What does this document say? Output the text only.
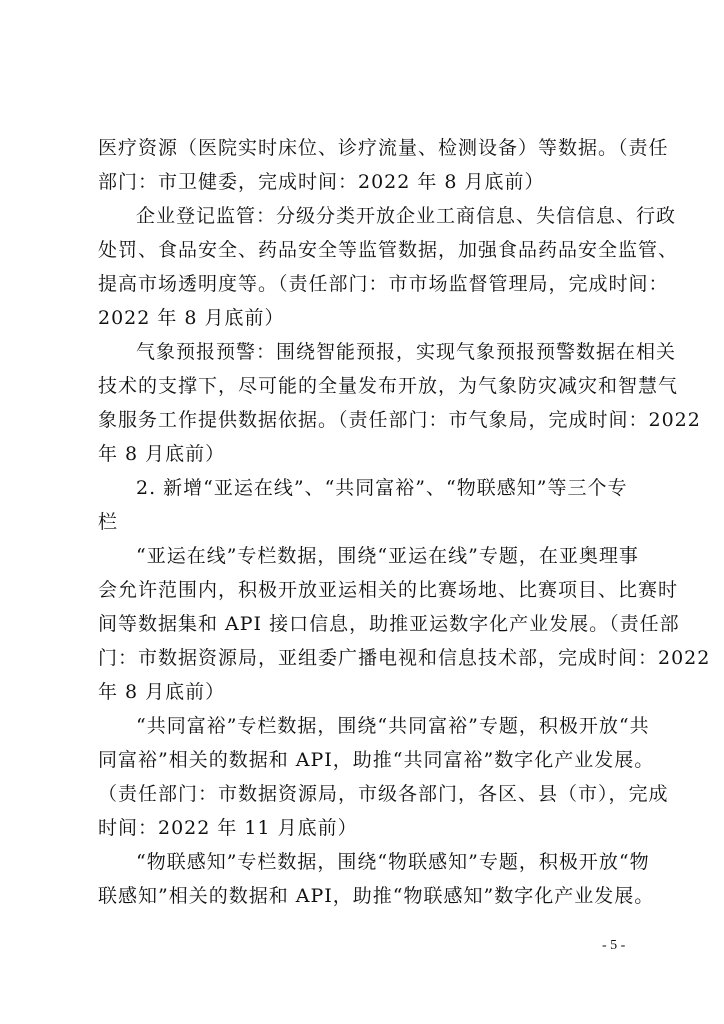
医疗资源（医院实时床位、诊疗流量、检测设备）等数据。（责任
部门：市卫健委，完成时间：2022 年 8 月底前）
企业登记监管：分级分类开放企业工商信息、失信信息、行政
处罚、食品安全、药品安全等监管数据，加强食品药品安全监管、
提高市场透明度等。（责任部门：市市场监督管理局，完成时间：
2022 年 8 月底前）
气象预报预警：围绕智能预报，实现气象预报预警数据在相关
技术的支撑下，尽可能的全量发布开放，为气象防灾减灾和智慧气
象服务工作提供数据依据。（责任部门：市气象局，完成时间：2022
年 8 月底前）
2. 新增“亚运在线”、“共同富裕”、“物联感知”等三个专
栏
“亚运在线”专栏数据，围绕“亚运在线”专题，在亚奥理事
会允许范围内，积极开放亚运相关的比赛场地、比赛项目、比赛时
间等数据集和 API 接口信息，助推亚运数字化产业发展。（责任部
门：市数据资源局，亚组委广播电视和信息技术部，完成时间：2022
年 8 月底前）
“共同富裕”专栏数据，围绕“共同富裕”专题，积极开放“共
同富裕”相关的数据和 API，助推“共同富裕”数字化产业发展。
（责任部门：市数据资源局，市级各部门，各区、县（市），完成
时间：2022 年 11 月底前）
“物联感知”专栏数据，围绕“物联感知”专题，积极开放“物
联感知”相关的数据和 API，助推“物联感知”数字化产业发展。
- 5 -
